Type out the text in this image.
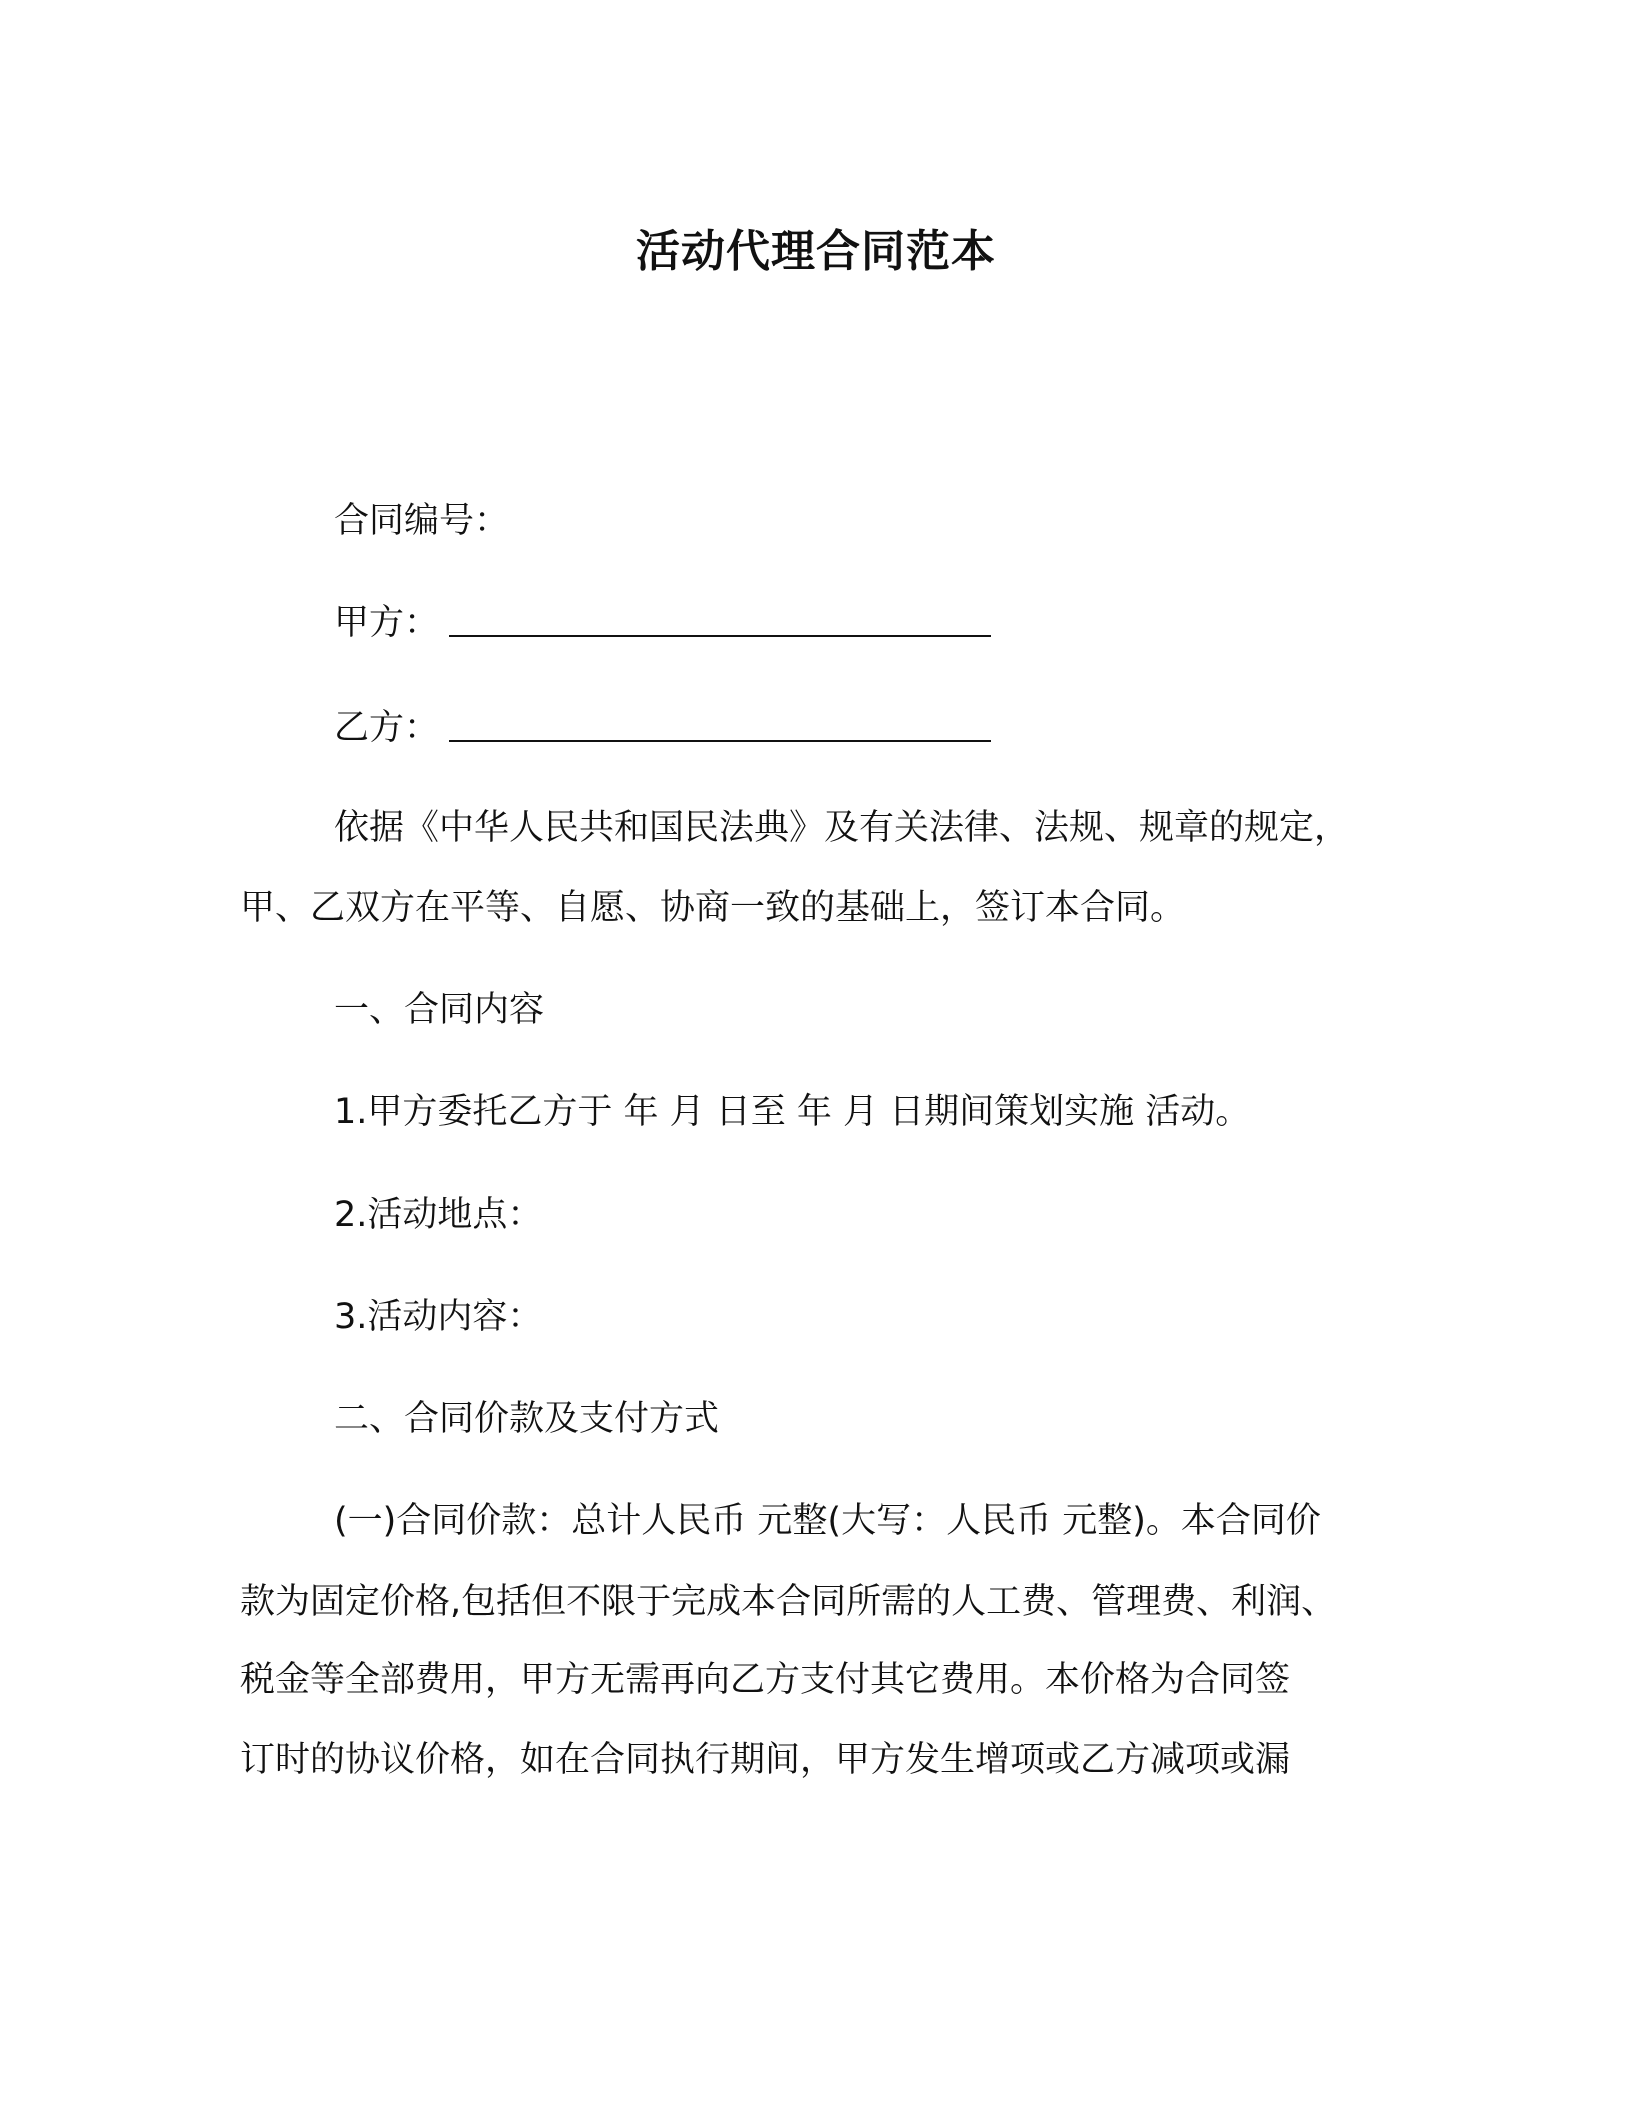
活动代理合同范本
合同编号：
甲方：
乙方：
依据《中华人民共和国民法典》及有关法律、法规、规章的规定，
甲、乙双方在平等、自愿、协商一致的基础上，签订本合同。
一、合同内容
1.甲方委托乙方于 年 月 日至 年 月 日期间策划实施 活动。
2.活动地点：
3.活动内容：
二、合同价款及支付方式
(一)合同价款：总计人民币 元整(大写：人民币 元整)。本合同价
款为固定价格,包括但不限于完成本合同所需的人工费、管理费、利润、
税金等全部费用，甲方无需再向乙方支付其它费用。本价格为合同签
订时的协议价格，如在合同执行期间，甲方发生增项或乙方减项或漏
